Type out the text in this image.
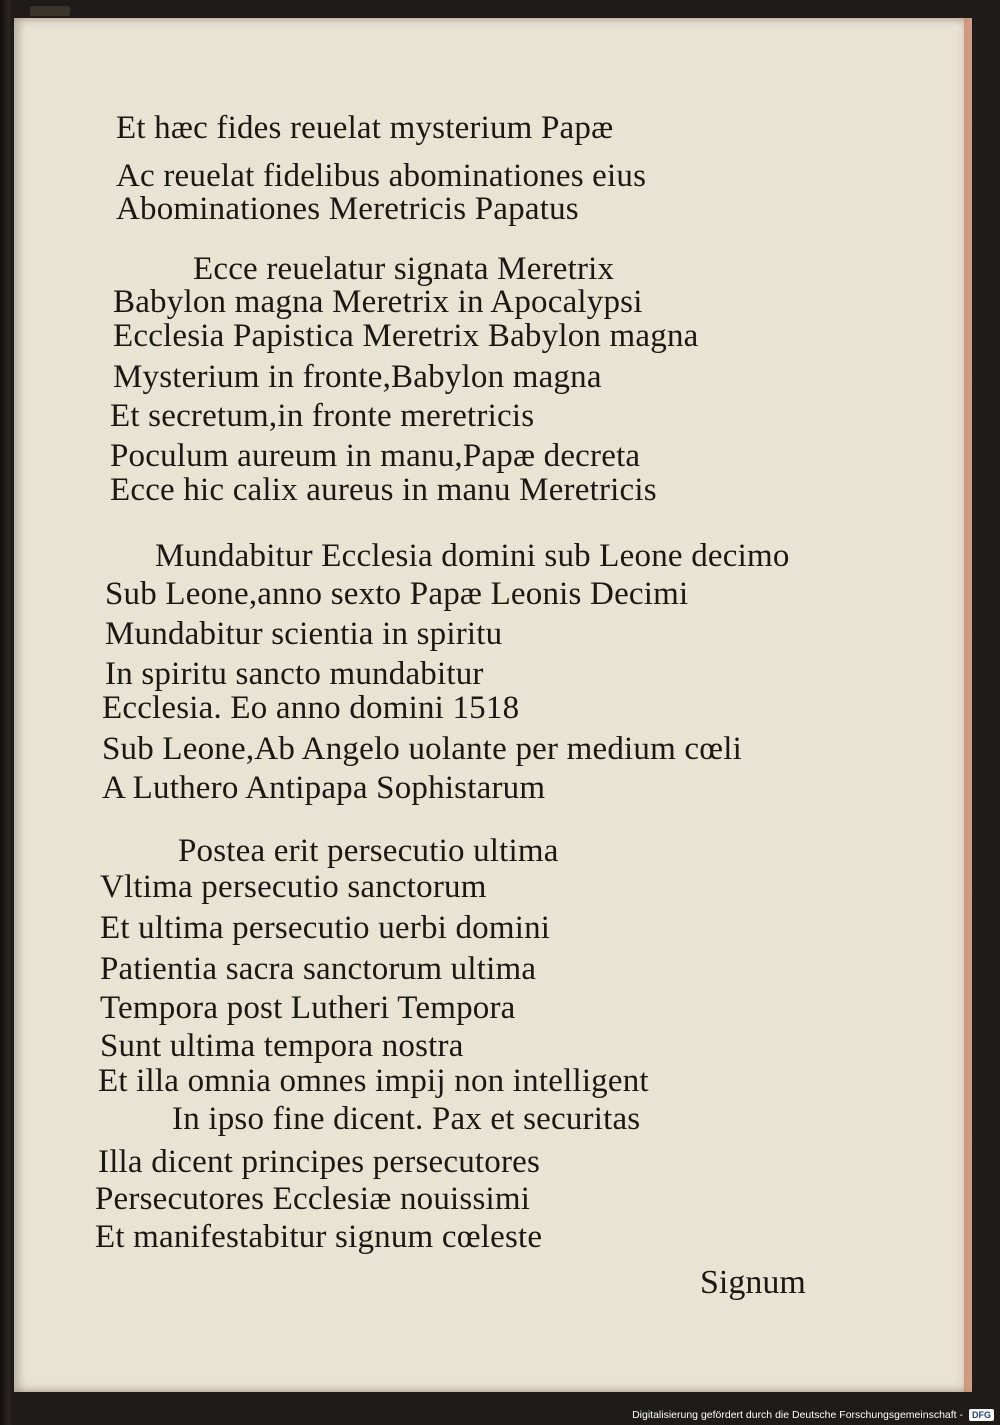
Et hæc fides reuelat mysterium Papæ
Ac reuelat fidelibus abominationes eius
Abominationes Meretricis Papatus
Ecce reuelatur signata Meretrix
Babylon magna Meretrix in Apocalypsi
Ecclesia Papistica Meretrix Babylon magna
Mysterium in fronte,Babylon magna
Et secretum,in fronte meretricis
Poculum aureum in manu,Papæ decreta
Ecce hic calix aureus in manu Meretricis
Mundabitur Ecclesia domini sub Leone decimo
Sub Leone,anno sexto Papæ Leonis Decimi
Mundabitur scientia in spiritu
In spiritu sancto mundabitur
Ecclesia. Eo anno domini 1518
Sub Leone,Ab Angelo uolante per medium cœli
A Luthero Antipapa Sophistarum
Postea erit persecutio ultima
Vltima persecutio sanctorum
Et ultima persecutio uerbi domini
Patientia sacra sanctorum ultima
Tempora post Lutheri Tempora
Sunt ultima tempora nostra
Et illa omnia omnes impij non intelligent
In ipso fine dicent. Pax et securitas
Illa dicent principes persecutores
Persecutores Ecclesiæ nouissimi
Et manifestabitur signum cœleste
Signum
Digitalisierung gefördert durch die Deutsche Forschungsgemeinschaft -	DFG
